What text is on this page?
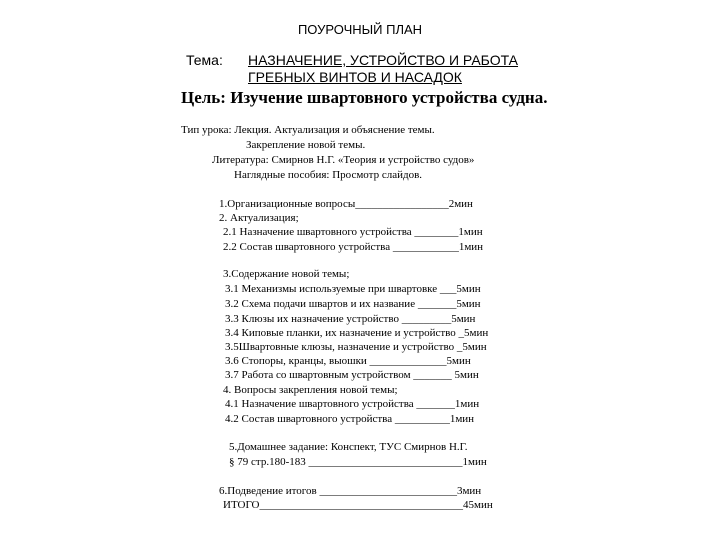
ПОУРОЧНЫЙ ПЛАН
Тема: НАЗНАЧЕНИЕ, УСТРОЙСТВО И РАБОТА
ГРЕБНЫХ ВИНТОВ И НАСАДОК
Цель: Изучение швартовного устройства судна.
Тип урока: Лекция. Актуализация и объяснение темы.
Закрепление новой темы.
Литература: Смирнов Н.Г. «Теория и устройство судов»
Наглядные пособия: Просмотр слайдов.
1.Организационные вопросы_________________2мин
2. Актуализация;
2.1 Назначение швартовного устройства ________1мин
2.2 Состав швартовного устройства ____________1мин
3.Содержание новой темы;
3.1 Механизмы используемые при швартовке ___5мин
3.2 Схема подачи швартов и их название _______5мин
3.3 Клюзы их назначение устройство _________5мин
3.4 Киповые планки, их назначение и устройство _5мин
3.5Швартовные клюзы, назначение и устройство _5мин
3.6 Стопоры, кранцы, выошки ______________5мин
3.7 Работа со швартовным устройством _______ 5мин
4. Вопросы закрепления новой темы;
4.1 Назначение швартовного устройства _______1мин
4.2 Состав швартовного устройства __________1мин
5.Домашнее задание: Конспект, ТУС Смирнов Н.Г.
§ 79 стр.180-183 ____________________________1мин
6.Подведение итогов _________________________3мин
ИТОГО_____________________________________45мин
